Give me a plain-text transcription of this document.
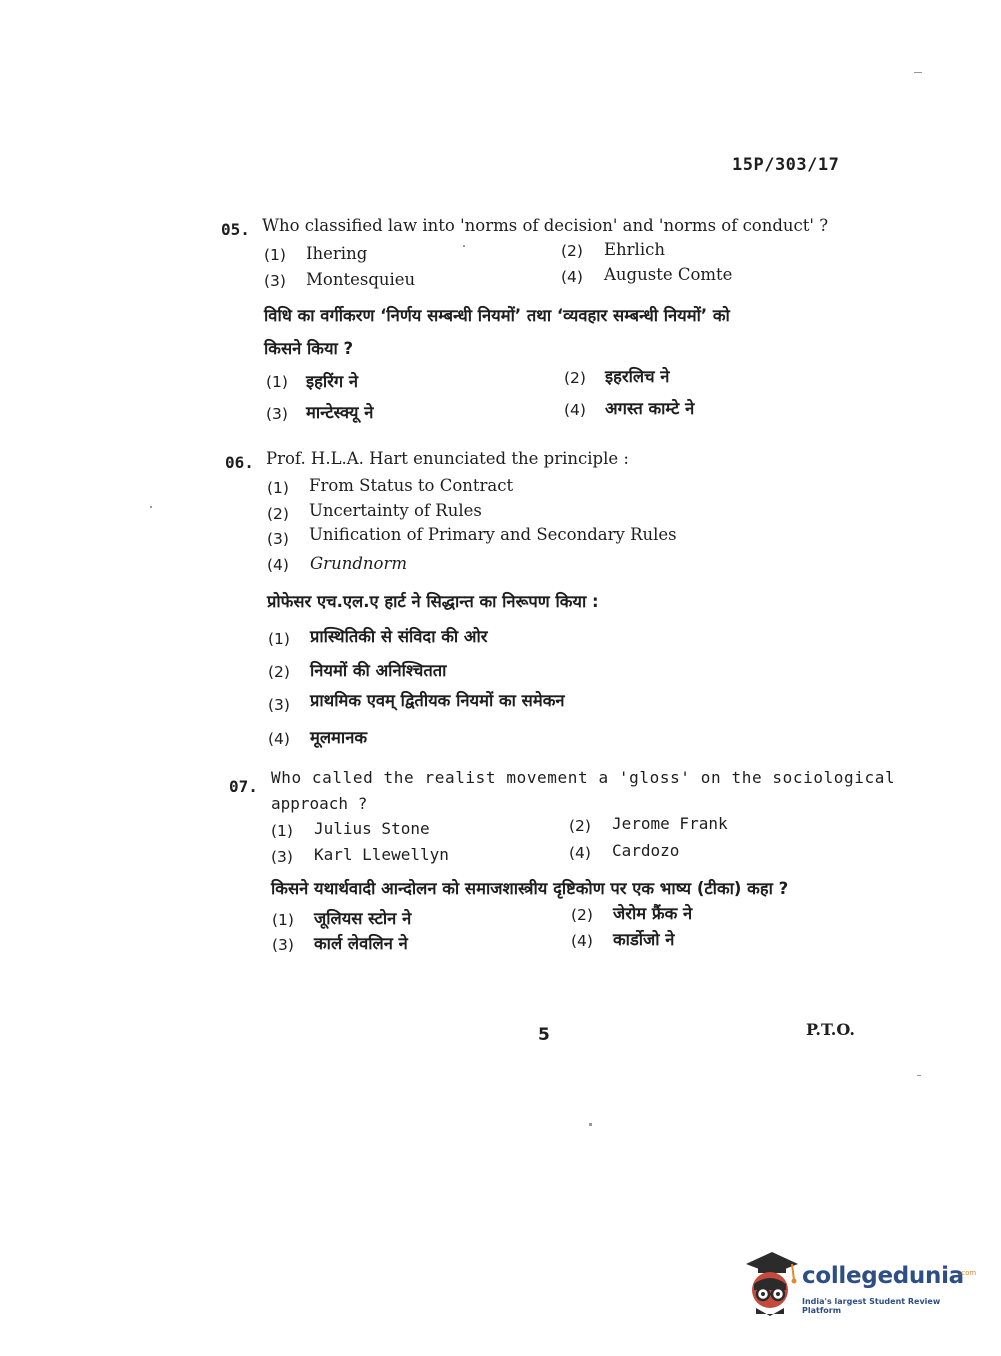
15P/303/17
05. Who classified law into 'norms of decision' and 'norms of conduct' ?
(1) Ihering	(2) Ehrlich
(3) Montesquieu	(4) Auguste Comte
विधि का वर्गीकरण ‘निर्णय सम्बन्धी नियमों’ तथा ‘व्यवहार सम्बन्धी नियमों’ को
किसने किया ?
(1) इहरिंग ने	(2) इहरलिच ने
(3) मान्टेस्क्यू ने	(4) अगस्त काम्टे ने
06. Prof. H.L.A. Hart enunciated the principle :
(1) From Status to Contract
(2) Uncertainty of Rules
(3) Unification of Primary and Secondary Rules
(4) Grundnorm
प्रोफेसर एच.एल.ए हार्ट ने सिद्धान्त का निरूपण किया :
(1) प्रास्थितिकी से संविदा की ओर
(2) नियमों की अनिश्चितता
(3) प्राथमिक एवम् द्वितीयक नियमों का समेकन
(4) मूलमानक
07. Who called the realist movement a 'gloss' on the sociological
approach ?
(1) Julius Stone	(2) Jerome Frank
(3) Karl Llewellyn	(4) Cardozo
किसने यथार्थवादी आन्दोलन को समाजशास्त्रीय दृष्टिकोण पर एक भाष्य (टीका) कहा ?
(1) जूलियस स्टोन ने	(2) जेरोम फ्रैंक ने
(3) कार्ल लेवलिन ने	(4) कार्डोजो ने
5	P.T.O.
collegedunia
.com
India's largest Student Review Platform
